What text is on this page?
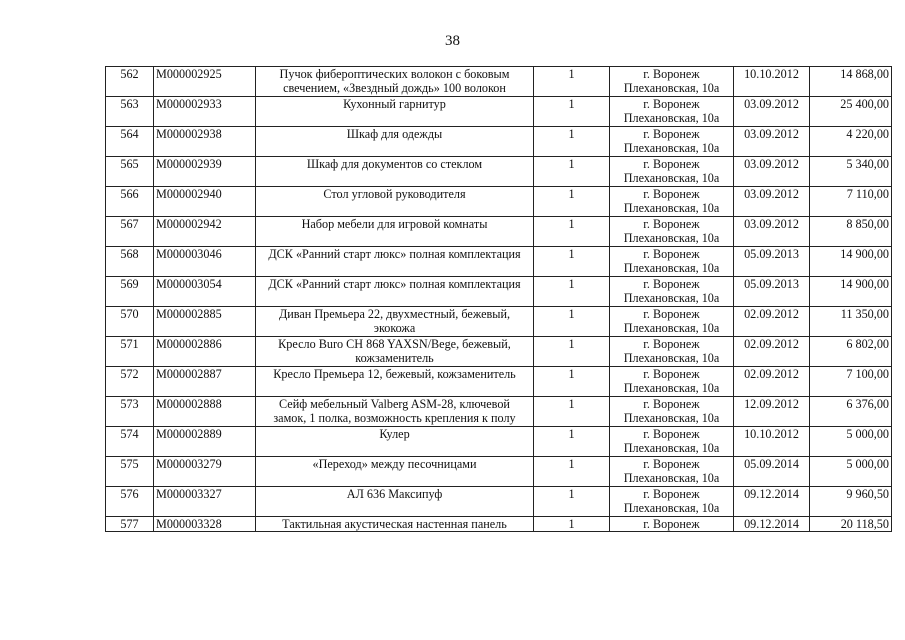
38
562	М000002925	Пучок фибероптических волокон с боковым
свечением, «Звездный дождь» 100 волокон	1	г. Воронеж
Плехановская, 10а	10.10.2012	14 868,00
563	М000002933	Кухонный гарнитур	1	г. Воронеж
Плехановская, 10а	03.09.2012	25 400,00
564	М000002938	Шкаф для одежды	1	г. Воронеж
Плехановская, 10а	03.09.2012	4 220,00
565	М000002939	Шкаф для документов со стеклом	1	г. Воронеж
Плехановская, 10а	03.09.2012	5 340,00
566	М000002940	Стол угловой руководителя	1	г. Воронеж
Плехановская, 10а	03.09.2012	7 110,00
567	М000002942	Набор мебели для игровой комнаты	1	г. Воронеж
Плехановская, 10а	03.09.2012	8 850,00
568	М000003046	ДСК «Ранний старт люкс» полная комплектация	1	г. Воронеж
Плехановская, 10а	05.09.2013	14 900,00
569	М000003054	ДСК «Ранний старт люкс» полная комплектация	1	г. Воронеж
Плехановская, 10а	05.09.2013	14 900,00
570	М000002885	Диван Премьера 22, двухместный, бежевый,
экокожа	1	г. Воронеж
Плехановская, 10а	02.09.2012	11 350,00
571	М000002886	Кресло Buro CH 868 YAXSN/Bege, бежевый,
кожзаменитель	1	г. Воронеж
Плехановская, 10а	02.09.2012	6 802,00
572	М000002887	Кресло Премьера 12, бежевый, кожзаменитель	1	г. Воронеж
Плехановская, 10а	02.09.2012	7 100,00
573	М000002888	Сейф мебельный Valberg ASM-28, ключевой
замок, 1 полка, возможность крепления к полу	1	г. Воронеж
Плехановская, 10а	12.09.2012	6 376,00
574	М000002889	Кулер	1	г. Воронеж
Плехановская, 10а	10.10.2012	5 000,00
575	М000003279	«Переход» между песочницами	1	г. Воронеж
Плехановская, 10а	05.09.2014	5 000,00
576	М000003327	АЛ 636 Максипуф	1	г. Воронеж
Плехановская, 10а	09.12.2014	9 960,50
577	М000003328	Тактильная акустическая настенная панель	1	г. Воронеж	09.12.2014	20 118,50
